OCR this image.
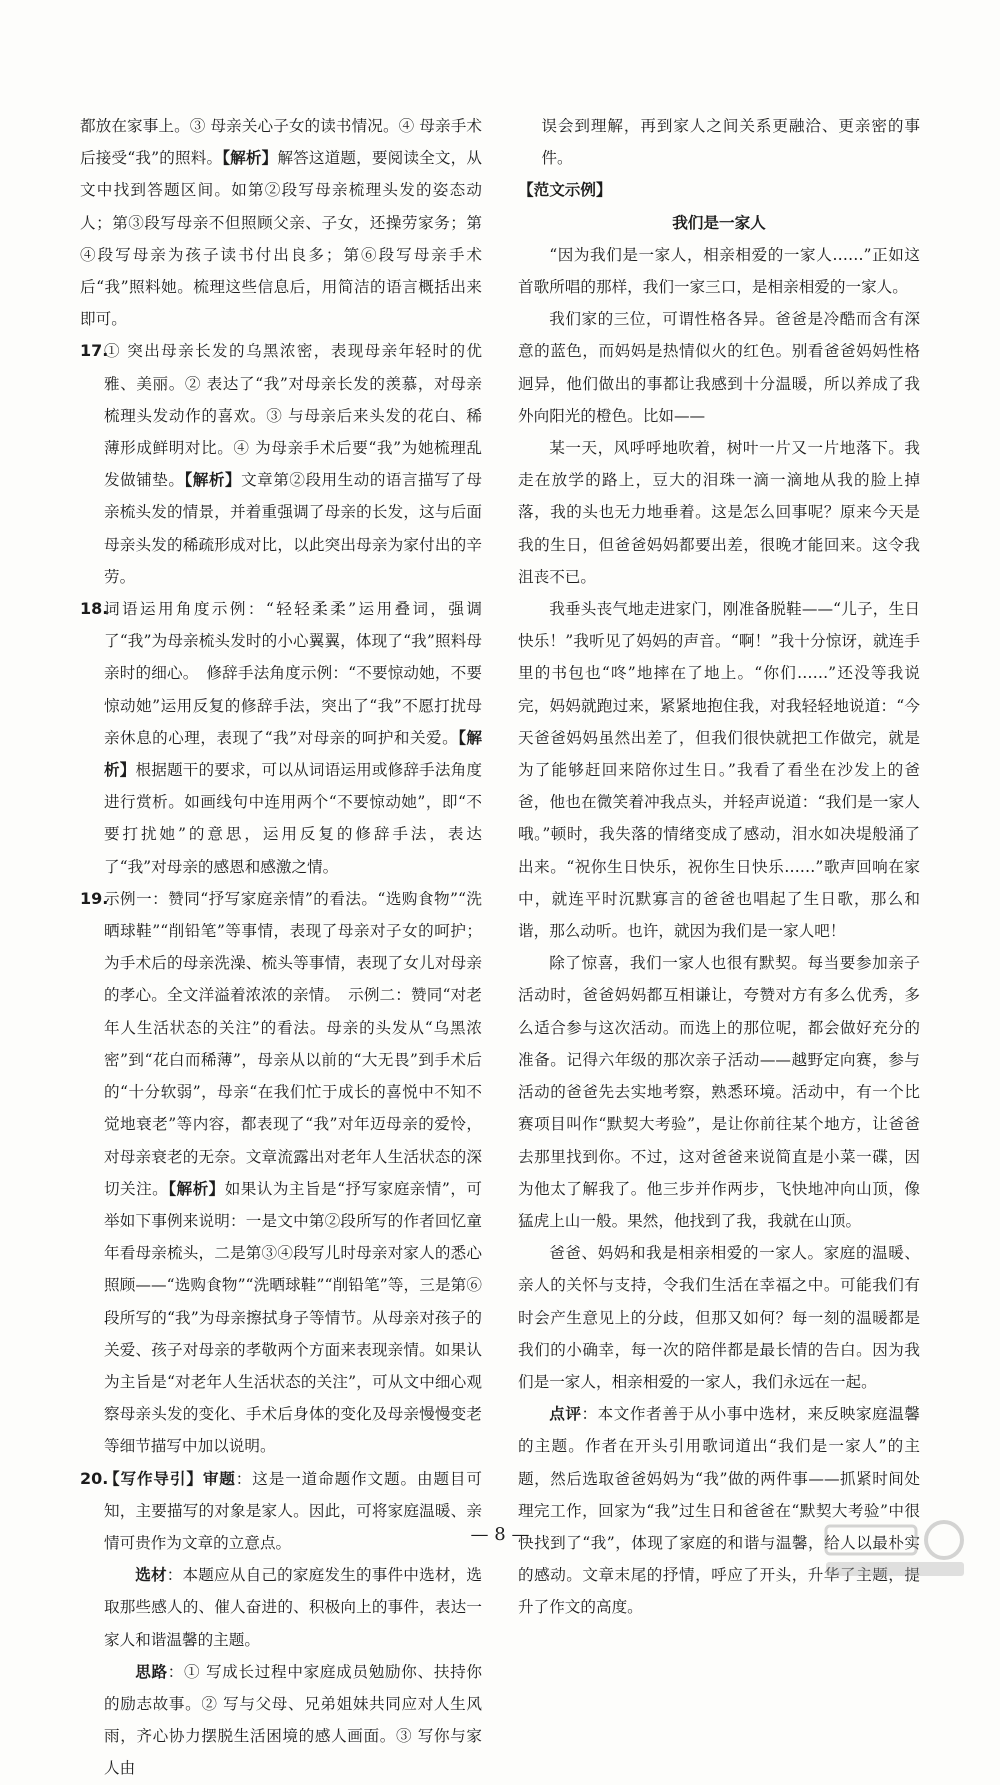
都放在家事上。③ 母亲关心子女的读书情况。④ 母亲手术后接受“我”的照料。【解析】解答这道题，要阅读全文，从文中找到答题区间。如第②段写母亲梳理头发的姿态动人；第③段写母亲不但照顾父亲、子女，还操劳家务；第④段写母亲为孩子读书付出良多；第⑥段写母亲手术后“我”照料她。梳理这些信息后，用简洁的语言概括出来即可。

17.
① 突出母亲长发的乌黑浓密，表现母亲年轻时的优雅、美丽。② 表达了“我”对母亲长发的羡慕，对母亲梳理头发动作的喜欢。③ 与母亲后来头发的花白、稀薄形成鲜明对比。④ 为母亲手术后要“我”为她梳理乱发做铺垫。【解析】文章第②段用生动的语言描写了母亲梳头发的情景，并着重强调了母亲的长发，这与后面母亲头发的稀疏形成对比，以此突出母亲为家付出的辛劳。

18.
词语运用角度示例：“轻轻柔柔”运用叠词，强调了“我”为母亲梳头发时的小心翼翼，体现了“我”照料母亲时的细心。　修辞手法角度示例：“不要惊动她，不要惊动她”运用反复的修辞手法，突出了“我”不愿打扰母亲休息的心理，表现了“我”对母亲的呵护和关爱。【解析】根据题干的要求，可以从词语运用或修辞手法角度进行赏析。如画线句中连用两个“不要惊动她”，即“不要打扰她”的意思，运用反复的修辞手法，表达了“我”对母亲的感恩和感激之情。

19.
示例一：赞同“抒写家庭亲情”的看法。“选购食物”“洗晒球鞋”“削铅笔”等事情，表现了母亲对子女的呵护；为手术后的母亲洗澡、梳头等事情，表现了女儿对母亲的孝心。全文洋溢着浓浓的亲情。　示例二：赞同“对老年人生活状态的关注”的看法。母亲的头发从“乌黑浓密”到“花白而稀薄”，母亲从以前的“大无畏”到手术后的“十分软弱”，母亲“在我们忙于成长的喜悦中不知不觉地衰老”等内容，都表现了“我”对年迈母亲的爱怜，对母亲衰老的无奈。文章流露出对老年人生活状态的深切关注。【解析】如果认为主旨是“抒写家庭亲情”，可举如下事例来说明：一是文中第②段所写的作者回忆童年看母亲梳头，二是第③④段写儿时母亲对家人的悉心照顾——“选购食物”“洗晒球鞋”“削铅笔”等，三是第⑥段所写的“我”为母亲擦拭身子等情节。从母亲对孩子的关爱、孩子对母亲的孝敬两个方面来表现亲情。如果认为主旨是“对老年人生活状态的关注”，可从文中细心观察母亲头发的变化、手术后身体的变化及母亲慢慢变老等细节描写中加以说明。

20.
【写作导引】审题：这是一道命题作文题。由题目可知，主要描写的对象是家人。因此，可将家庭温暖、亲情可贵作为文章的立意点。
选材：本题应从自己的家庭发生的事件中选材，选取那些感人的、催人奋进的、积极向上的事件，表达一家人和谐温馨的主题。
思路：① 写成长过程中家庭成员勉励你、扶持你的励志故事。② 写与父母、兄弟姐妹共同应对人生风雨，齐心协力摆脱生活困境的感人画面。③ 写你与家人由

误会到理解，再到家人之间关系更融洽、更亲密的事件。

【范文示例】

我们是一家人

“因为我们是一家人，相亲相爱的一家人……”正如这首歌所唱的那样，我们一家三口，是相亲相爱的一家人。

我们家的三位，可谓性格各异。爸爸是冷酷而含有深意的蓝色，而妈妈是热情似火的红色。别看爸爸妈妈性格迥异，他们做出的事都让我感到十分温暖，所以养成了我外向阳光的橙色。比如——

某一天，风呼呼地吹着，树叶一片又一片地落下。我走在放学的路上，豆大的泪珠一滴一滴地从我的脸上掉落，我的头也无力地垂着。这是怎么回事呢？原来今天是我的生日，但爸爸妈妈都要出差，很晚才能回来。这令我沮丧不已。

我垂头丧气地走进家门，刚准备脱鞋——“儿子，生日快乐！”我听见了妈妈的声音。“啊！”我十分惊讶，就连手里的书包也“咚”地摔在了地上。“你们……”还没等我说完，妈妈就跑过来，紧紧地抱住我，对我轻轻地说道：“今天爸爸妈妈虽然出差了，但我们很快就把工作做完，就是为了能够赶回来陪你过生日。”我看了看坐在沙发上的爸爸，他也在微笑着冲我点头，并轻声说道：“我们是一家人哦。”顿时，我失落的情绪变成了感动，泪水如决堤般涌了出来。“祝你生日快乐，祝你生日快乐……”歌声回响在家中，就连平时沉默寡言的爸爸也唱起了生日歌，那么和谐，那么动听。也许，就因为我们是一家人吧！

除了惊喜，我们一家人也很有默契。每当要参加亲子活动时，爸爸妈妈都互相谦让，夸赞对方有多么优秀，多么适合参与这次活动。而选上的那位呢，都会做好充分的准备。记得六年级的那次亲子活动——越野定向赛，参与活动的爸爸先去实地考察，熟悉环境。活动中，有一个比赛项目叫作“默契大考验”，是让你前往某个地方，让爸爸去那里找到你。不过，这对爸爸来说简直是小菜一碟，因为他太了解我了。他三步并作两步，飞快地冲向山顶，像猛虎上山一般。果然，他找到了我，我就在山顶。

爸爸、妈妈和我是相亲相爱的一家人。家庭的温暖、亲人的关怀与支持，令我们生活在幸福之中。可能我们有时会产生意见上的分歧，但那又如何？每一刻的温暖都是我们的小确幸，每一次的陪伴都是最长情的告白。因为我们是一家人，相亲相爱的一家人，我们永远在一起。

点评：本文作者善于从小事中选材，来反映家庭温馨的主题。作者在开头引用歌词道出“我们是一家人”的主题，然后选取爸爸妈妈为“我”做的两件事——抓紧时间处理完工作，回家为“我”过生日和爸爸在“默契大考验”中很快找到了“我”，体现了家庭的和谐与温馨，给人以最朴实的感动。文章末尾的抒情，呼应了开头，升华了主题，提升了作文的高度。

— 8 —
